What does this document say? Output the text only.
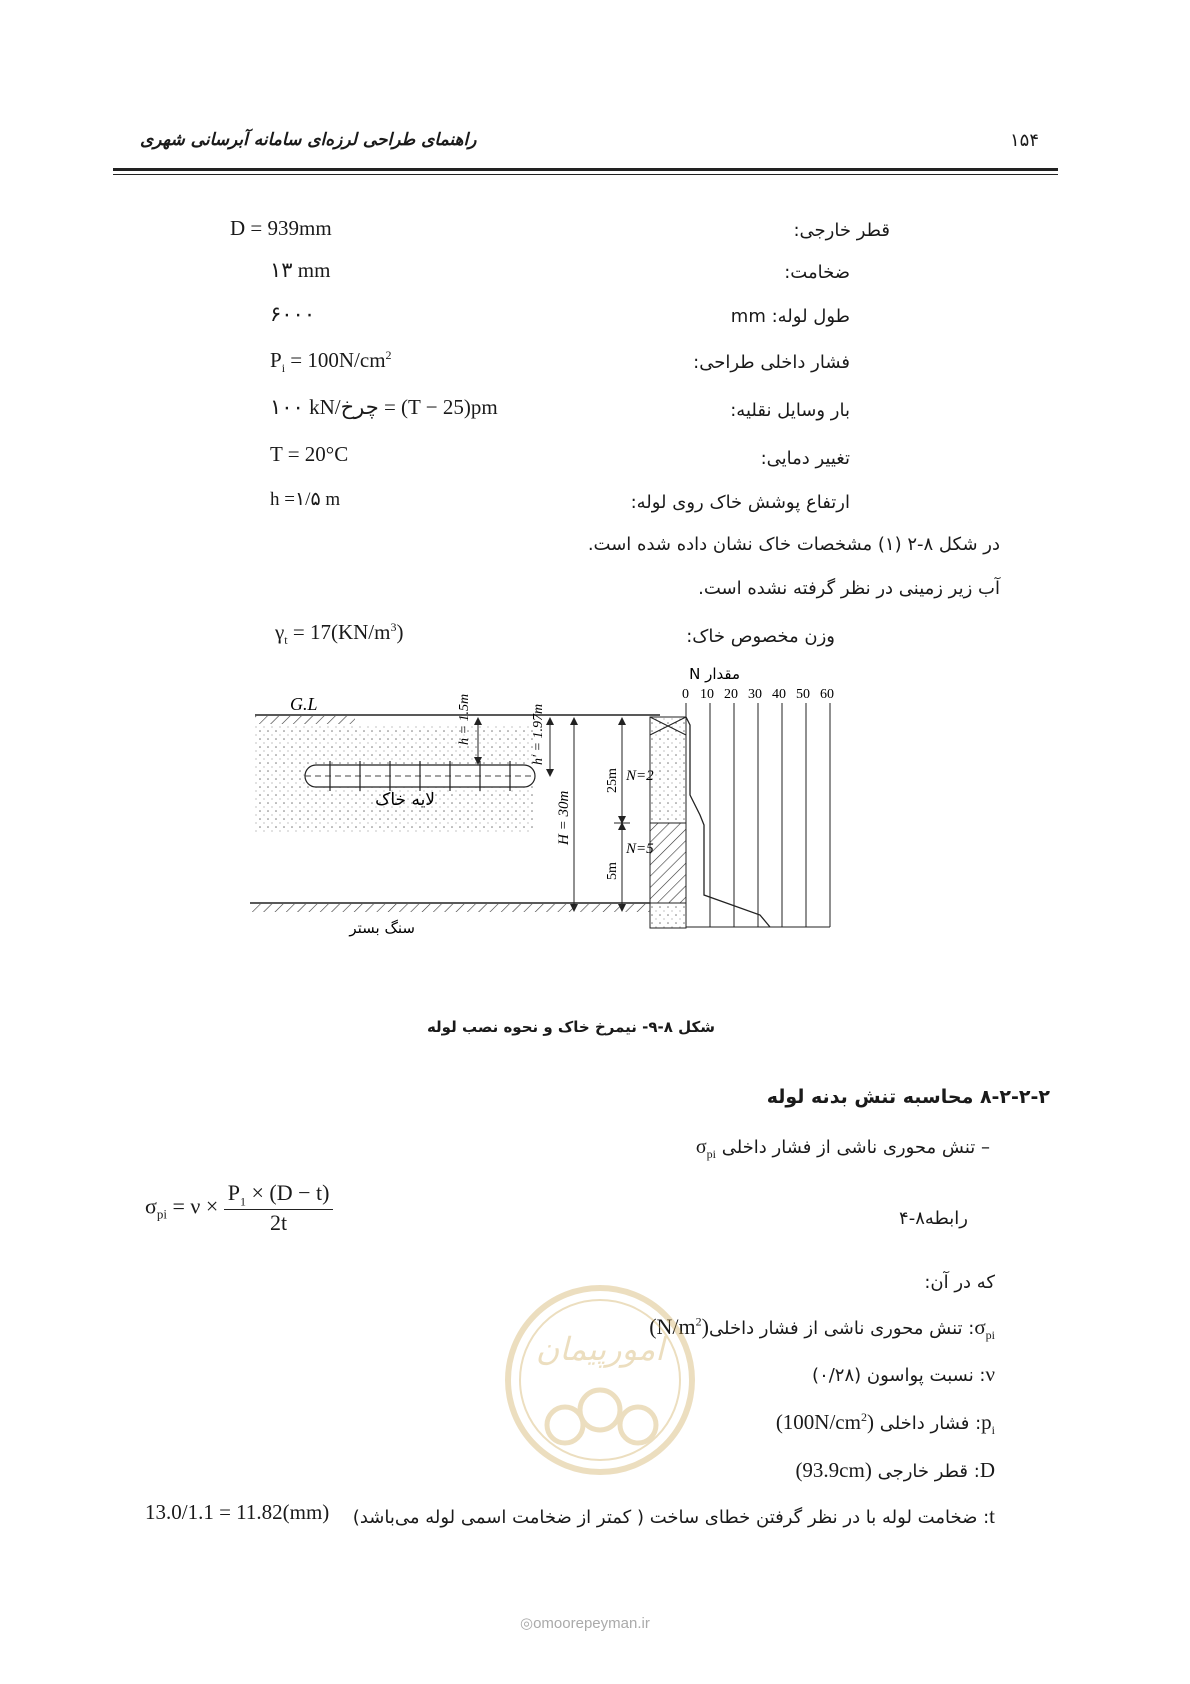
۱۵۴
راهنمای طراحی لرزه‌ای سامانه آبرسانی شهری
قطر خارجی:
D = 939mm
ضخامت:
۱۳ mm
طول لوله: mm
۶۰۰۰
فشار داخلی طراحی:
$P_i = 100N/cm^2$
بار وسایل نقلیه:
۱۰۰ kN/چرخ = (T − 25)pm
تغییر دمایی:
T = 20°C
ارتفاع پوشش خاک روی لوله:
h =۱/۵ m
در شکل ۸-۲ (۱) مشخصات خاک نشان داده شده است.
آب زیر زمینی در نظر گرفته نشده است.
وزن مخصوص خاک:
$\gamma_t = 17(KN/m^3)$
G.L	h = 1.5m	h' = 1.97m
H = 30m
25m
5m
N=2
N=5
مقدار N
0 10 20 30 40 50 60
لایه خاک
سنگ بستر
شکل ۸-۹- نیمرخ خاک و نحوه نصب لوله
۸-۲-۲-۲ محاسبه تنش بدنه لوله
– تنش محوری ناشی از فشار داخلی $\sigma_{pi}$
$\sigma_{pi} = \nu \times \frac{P_1 \times (D - t)}{2t}$	رابطه۸-۴
که در آن:
$\sigma_{pi}$: تنش محوری ناشی از فشار $داخلی(N/m^2)$
ν: نسبت پواسون (۰/۲۸)
$p_i$: فشار داخلی $(100N/cm^2)$
D: قطر خارجی (93.9cm)
t: ضخامت لوله با در نظر گرفتن خطای ساخت ( کمتر از ضخامت اسمی لوله می‌باشد)
13.0/1.1 = 11.82(mm)
امورپیمان
◎omoorepeyman.ir
